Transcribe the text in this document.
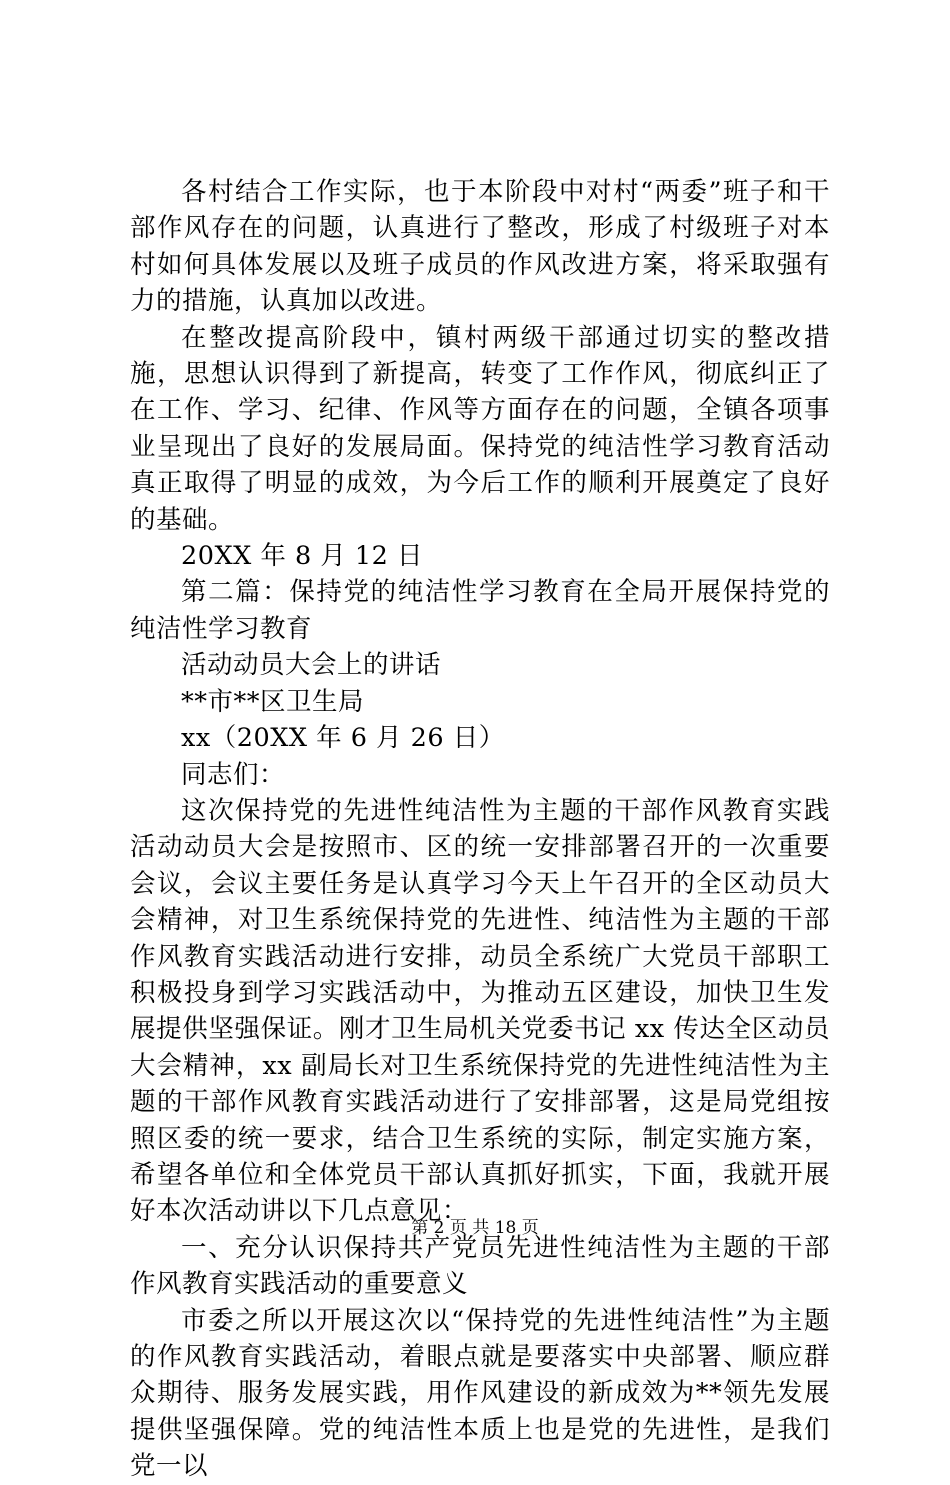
各村结合工作实际，也于本阶段中对村“两委”班子和干部作风存在的问题，认真进行了整改，形成了村级班子对本村如何具体发展以及班子成员的作风改进方案，将采取强有力的措施，认真加以改进。

在整改提高阶段中，镇村两级干部通过切实的整改措施，思想认识得到了新提高，转变了工作作风，彻底纠正了在工作、学习、纪律、作风等方面存在的问题，全镇各项事业呈现出了良好的发展局面。保持党的纯洁性学习教育活动真正取得了明显的成效，为今后工作的顺利开展奠定了良好的基础。

20XX 年 8 月 12 日

第二篇：保持党的纯洁性学习教育在全局开展保持党的纯洁性学习教育

活动动员大会上的讲话

**市**区卫生局

xx（20XX 年 6 月 26 日）

同志们：

这次保持党的先进性纯洁性为主题的干部作风教育实践活动动员大会是按照市、区的统一安排部署召开的一次重要会议，会议主要任务是认真学习今天上午召开的全区动员大会精神，对卫生系统保持党的先进性、纯洁性为主题的干部作风教育实践活动进行安排，动员全系统广大党员干部职工积极投身到学习实践活动中，为推动五区建设，加快卫生发展提供坚强保证。刚才卫生局机关党委书记 xx 传达全区动员大会精神，xx 副局长对卫生系统保持党的先进性纯洁性为主题的干部作风教育实践活动进行了安排部署，这是局党组按照区委的统一要求，结合卫生系统的实际，制定实施方案，希望各单位和全体党员干部认真抓好抓实，下面，我就开展好本次活动讲以下几点意见：

一、充分认识保持共产党员先进性纯洁性为主题的干部作风教育实践活动的重要意义

市委之所以开展这次以“保持党的先进性纯洁性”为主题的作风教育实践活动，着眼点就是要落实中央部署、顺应群众期待、服务发展实践，用作风建设的新成效为**领先发展提供坚强保障。党的纯洁性本质上也是党的先进性，是我们党一以

第 2 页 共 18 页
